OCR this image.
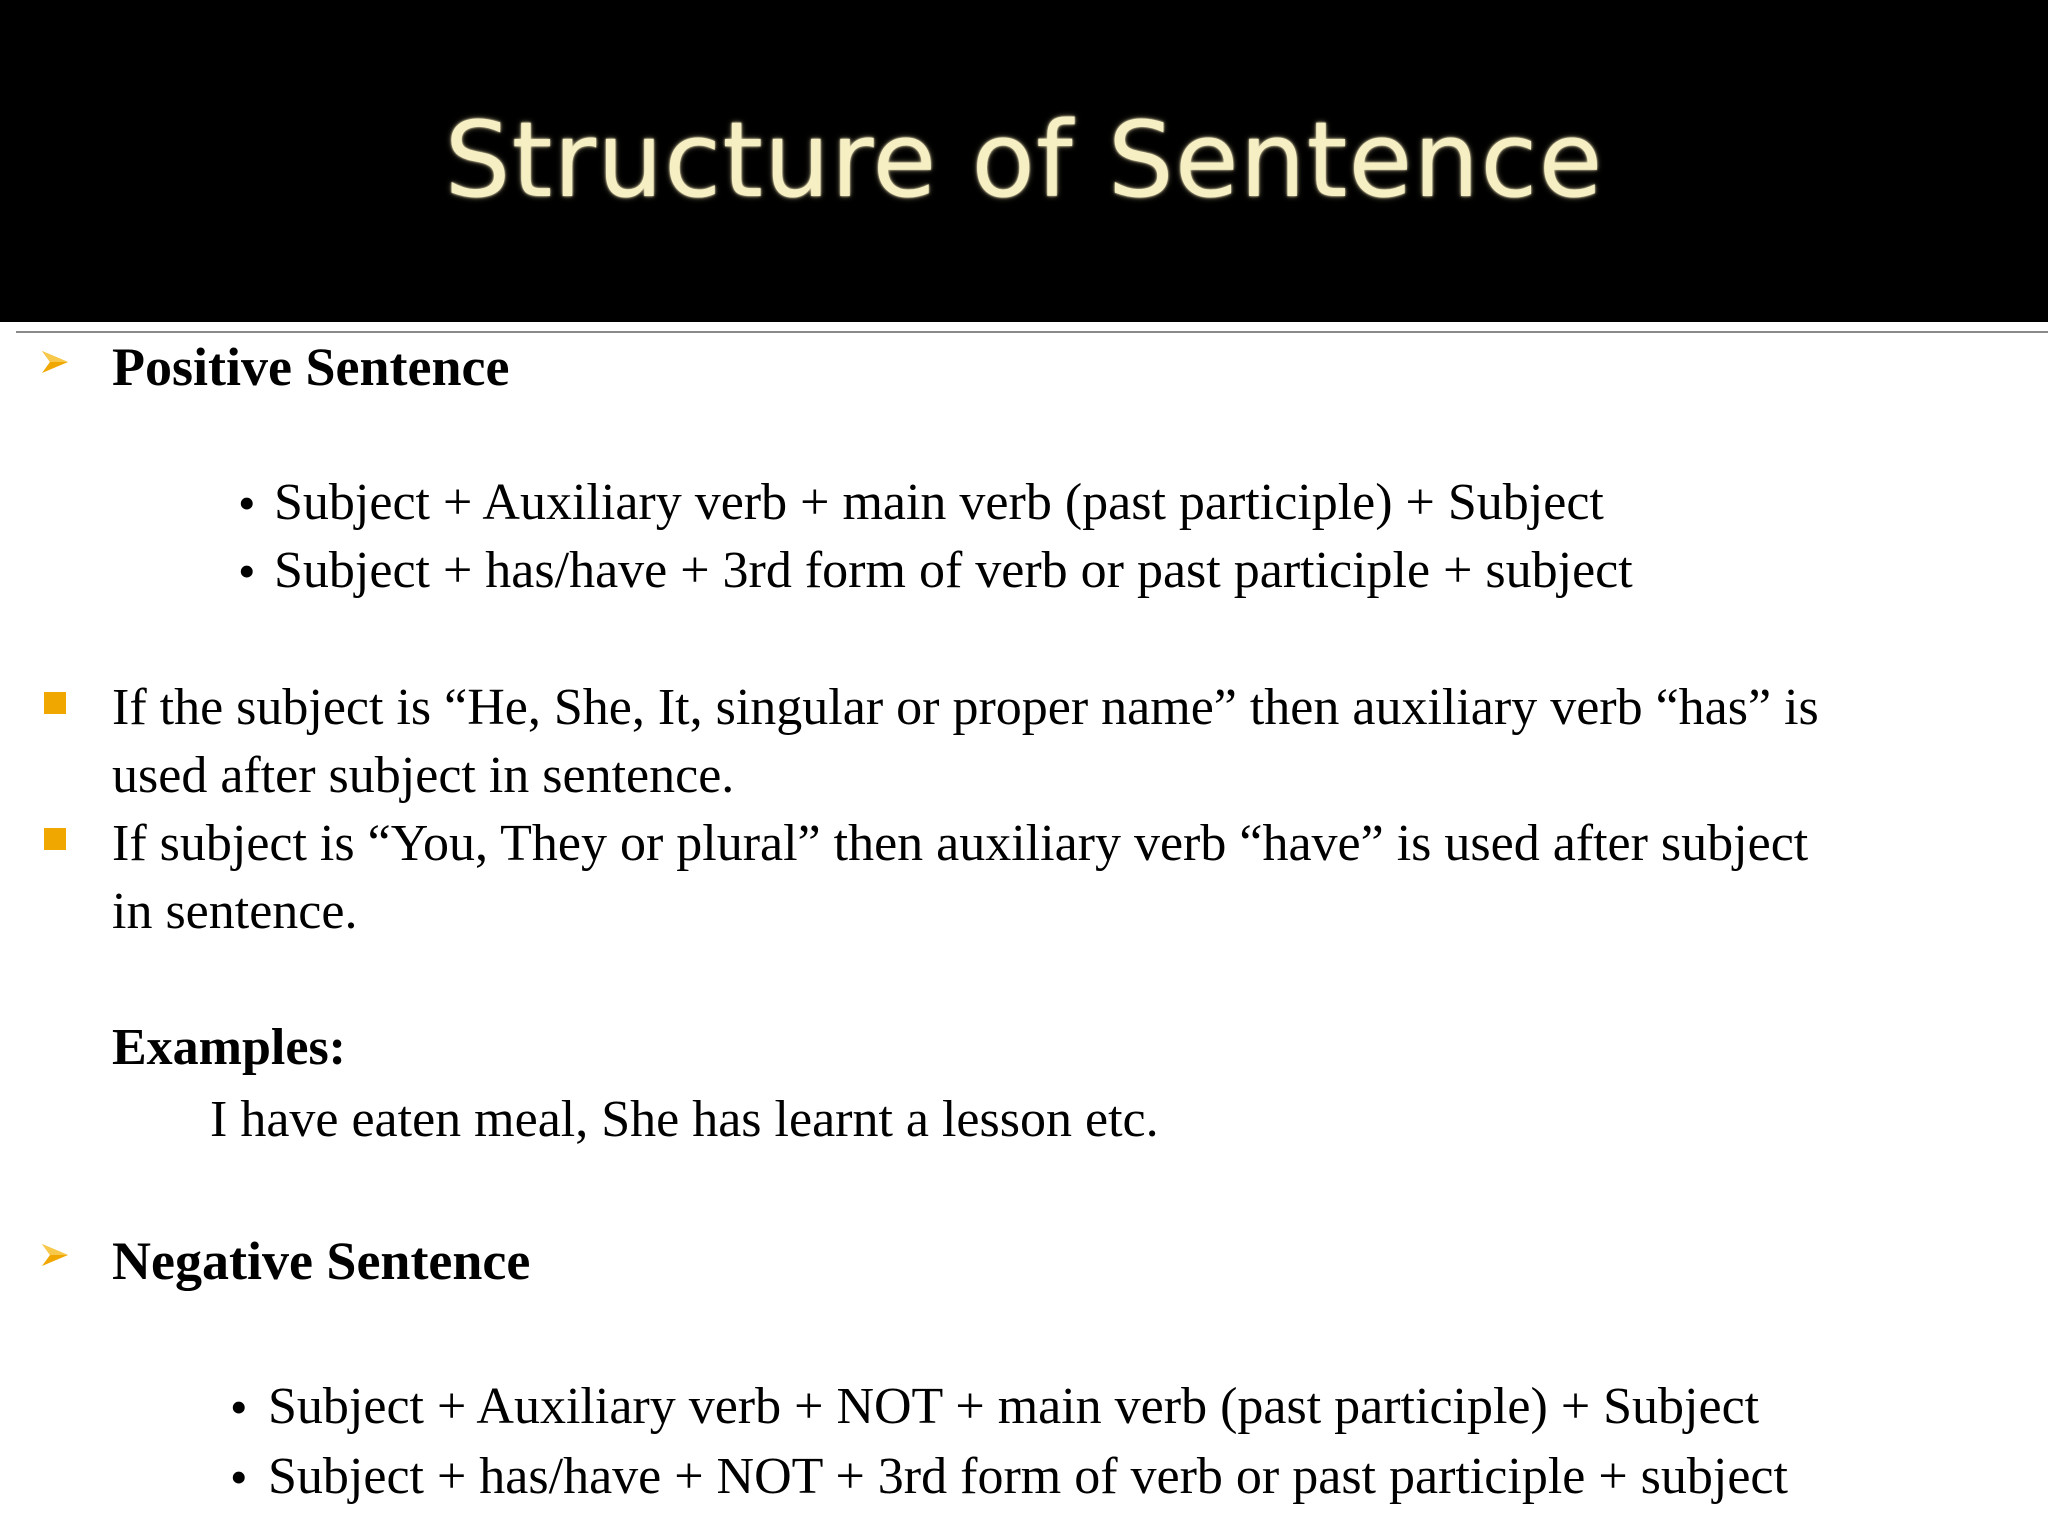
Structure of Sentence
Positive Sentence
• Subject + Auxiliary verb + main verb (past participle) + Subject
• Subject + has/have + 3rd form of verb or past participle + subject
If the subject is “He, She, It, singular or proper name” then auxiliary verb “has” is
used after subject in sentence.
If subject is “You, They or plural” then auxiliary verb “have” is used after subject
in sentence.
Examples:
I have eaten meal, She has learnt a lesson etc.
Negative Sentence
• Subject + Auxiliary verb + NOT + main verb (past participle) + Subject
• Subject + has/have + NOT + 3rd form of verb or past participle + subject
